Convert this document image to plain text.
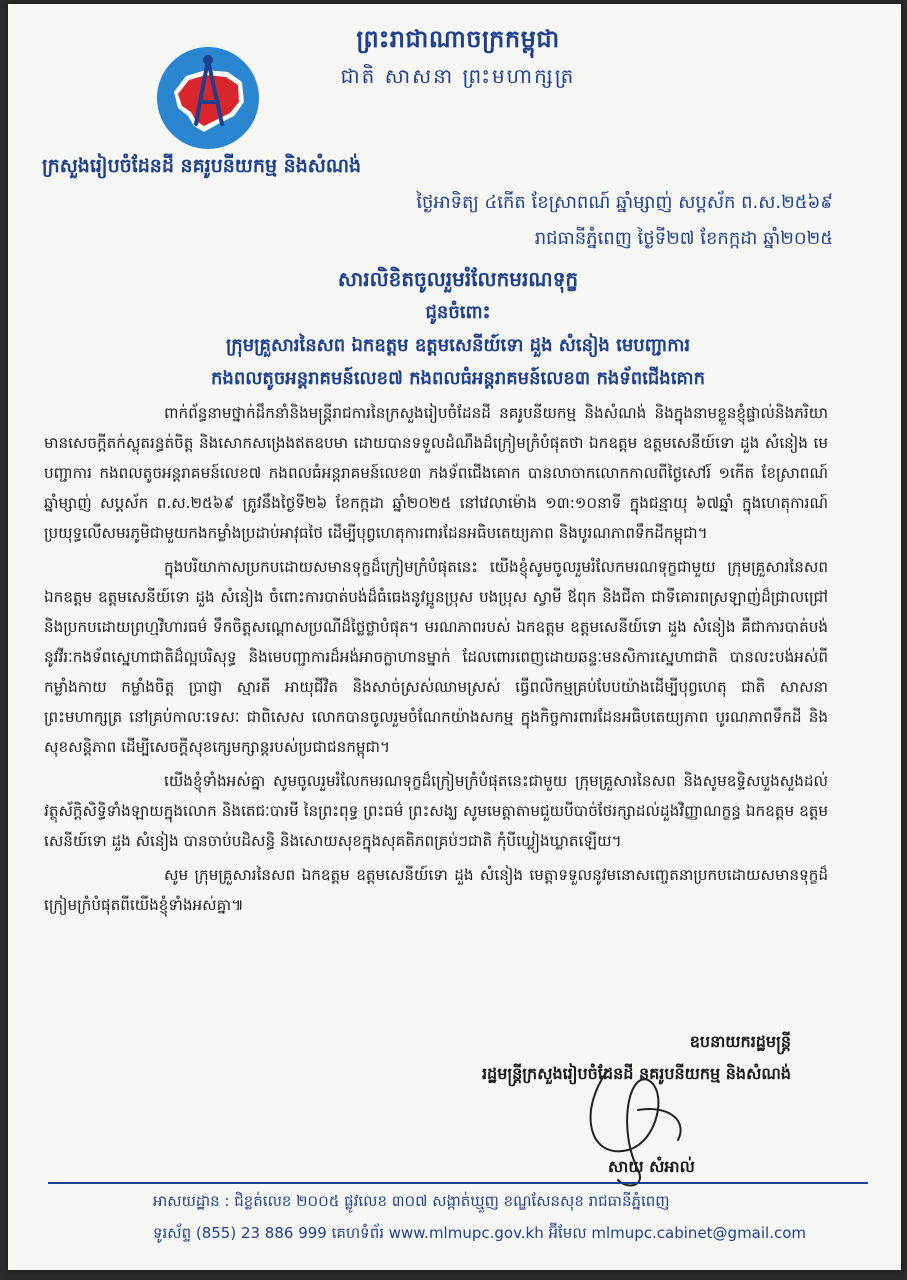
ព្រះរាជាណាចក្រកម្ពុជា
ជាតិ សាសនា ព្រះមហាក្សត្រ
ក្រសួងរៀបចំដែនដី នគរូបនីយកម្ម និងសំណង់
ថ្ងៃអាទិត្យ ៤កើត ខែស្រាពណ៍ ឆ្នាំម្សាញ់ សប្តស័ក ព.ស.២៥៦៩
រាជធានីភ្នំពេញ ថ្ងៃទី២៧ ខែកក្កដា ឆ្នាំ២០២៥
សារលិខិតចូលរួមរំលែកមរណទុក្ខ
ជូនចំពោះ
ក្រុមគ្រួសារនៃសព ឯកឧត្តម ឧត្តមសេនីយ៍ទោ ដួង សំនៀង មេបញ្ជាការ
កងពលតូចអន្តរាគមន៍លេខ៧ កងពលធំអន្តរាគមន៍លេខ៣ កងទ័ពជើងគោក

ពាក់ព័ន្ធនាមថ្នាក់ដឹកនាំនិងមន្ត្រីរាជការនៃក្រសួងរៀបចំដែនដី នគរូបនីយកម្ម និងសំណង់ និងក្នុងនាមខ្លួនខ្ញុំផ្ទាល់និងភរិយា មានសេចក្តីតក់ស្លុតរន្ធត់ចិត្ត និងសោកសង្រេងឥតឧបមា ដោយបានទទួលដំណឹងដ៏ក្រៀមក្រំបំផុតថា ឯកឧត្តម ឧត្តមសេនីយ៍ទោ ដួង សំនៀង មេបញ្ជាការ កងពលតូចអន្តរាគមន៍លេខ៧ កងពលធំអន្តរាគមន៍លេខ៣ កងទ័ពជើងគោក បានលាចាកលោកកាលពីថ្ងៃសៅរ៍ ១កើត ខែស្រាពណ៍ ឆ្នាំម្សាញ់ សប្តស័ក ព.ស.២៥៦៩ ត្រូវនឹងថ្ងៃទី២៦ ខែកក្កដា ឆ្នាំ២០២៥ នៅវេលាម៉ោង ១៣:១០នាទី ក្នុងជន្មាយុ ៦៧ឆ្នាំ ក្នុងហេតុការណ៍ប្រយុទ្ធលើសមរភូមិជាមួយកងកម្លាំងប្រដាប់អាវុធថៃ ដើម្បីបុព្វហេតុការពារដែនអធិបតេយ្យភាព និងបូរណភាពទឹកដីកម្ពុជា។

ក្នុងបរិយាកាសប្រកបដោយសមានទុក្ខដ៏ក្រៀមក្រំបំផុតនេះ យើងខ្ញុំសូមចូលរួមរំលែកមរណទុក្ខជាមួយ ក្រុមគ្រួសារនៃសព ឯកឧត្តម ឧត្តមសេនីយ៍ទោ ដួង សំនៀង ចំពោះការបាត់បង់ដ៏ធំធេងនូវប្អូនប្រុស បងប្រុស ស្វាមី ឪពុក និងជីតា ជាទីគោរពស្រឡាញ់ដ៏ជ្រាលជ្រៅ និងប្រកបដោយព្រហ្មវិហារធម៌ ទឹកចិត្តសណ្តោសប្រណីដ៏ថ្លៃថ្លាបំផុត។ មរណភាពរបស់ ឯកឧត្តម ឧត្តមសេនីយ៍ទោ ដួង សំនៀង គឺជាការបាត់បង់នូវវីរៈកងទ័ពស្នេហាជាតិដ៏ល្អបរិសុទ្ធ និងមេបញ្ជាការដ៏អង់អាចក្លាហានម្នាក់ ដែលពោរពេញដោយឆន្ទៈមនសិការស្នេហាជាតិ បានលះបង់អស់ពីកម្លាំងកាយ កម្លាំងចិត្ត ប្រាជ្ញា ស្មារតី អាយុជីវិត និងសាច់ស្រស់ឈាមស្រស់ ធ្វើពលិកម្មគ្រប់បែបយ៉ាងដើម្បីបុព្វហេតុ ជាតិ សាសនា ព្រះមហាក្សត្រ នៅគ្រប់កាលៈទេសៈ ជាពិសេស លោកបានចូលរួមចំណែកយ៉ាងសកម្ម ក្នុងកិច្ចការពារដែនអធិបតេយ្យភាព បូរណភាពទឹកដី និងសុខសន្តិភាព ដើម្បីសេចក្តីសុខក្សេមក្សាន្តរបស់ប្រជាជនកម្ពុជា។

យើងខ្ញុំទាំងអស់គ្នា សូមចូលរួមរំលែកមរណទុក្ខដ៏ក្រៀមក្រំបំផុតនេះជាមួយ ក្រុមគ្រួសារនៃសព និងសូមឧទ្ទិសបួងសួងដល់វត្ថុស័ក្តិសិទ្ធិទាំងឡាយក្នុងលោក និងតេជៈបារមី នៃព្រះពុទ្ធ ព្រះធម៌ ព្រះសង្ឃ សូមមេត្តាតាមជួយបីបាច់ថែរក្សាដល់ដួងវិញ្ញាណក្ខន្ធ ឯកឧត្តម ឧត្តមសេនីយ៍ទោ ដួង សំនៀង បានចាប់បដិសន្ធិ និងសោយសុខក្នុងសុគតិភពគ្រប់ៗជាតិ កុំបីឃ្លៀងឃ្លាតឡើយ។

សូម ក្រុមគ្រួសារនៃសព ឯកឧត្តម ឧត្តមសេនីយ៍ទោ ដួង សំនៀង មេត្តាទទួលនូវមនោសញ្ចេតនាប្រកបដោយសមានទុក្ខដ៏ក្រៀមក្រំបំផុតពីយើងខ្ញុំទាំងអស់គ្នា៕

ឧបនាយករដ្ឋមន្ត្រី
រដ្ឋមន្ត្រីក្រសួងរៀបចំដែនដី នគរូបនីយកម្ម និងសំណង់
សាយ សំអាល់
អាសយដ្ឋាន : ជិខ្លត់លេខ ២០០៥ ផ្លូវលេខ ៣០៧ សង្កាត់ឃ្មួញ ខណ្ឌសែនសុខ រាជធានីភ្នំពេញ
ទូរស័ព្ទ (855) 23 886 999 គេហទំព័រ www.mlmupc.gov.kh អ៊ីមែល mlmupc.cabinet@gmail.com
